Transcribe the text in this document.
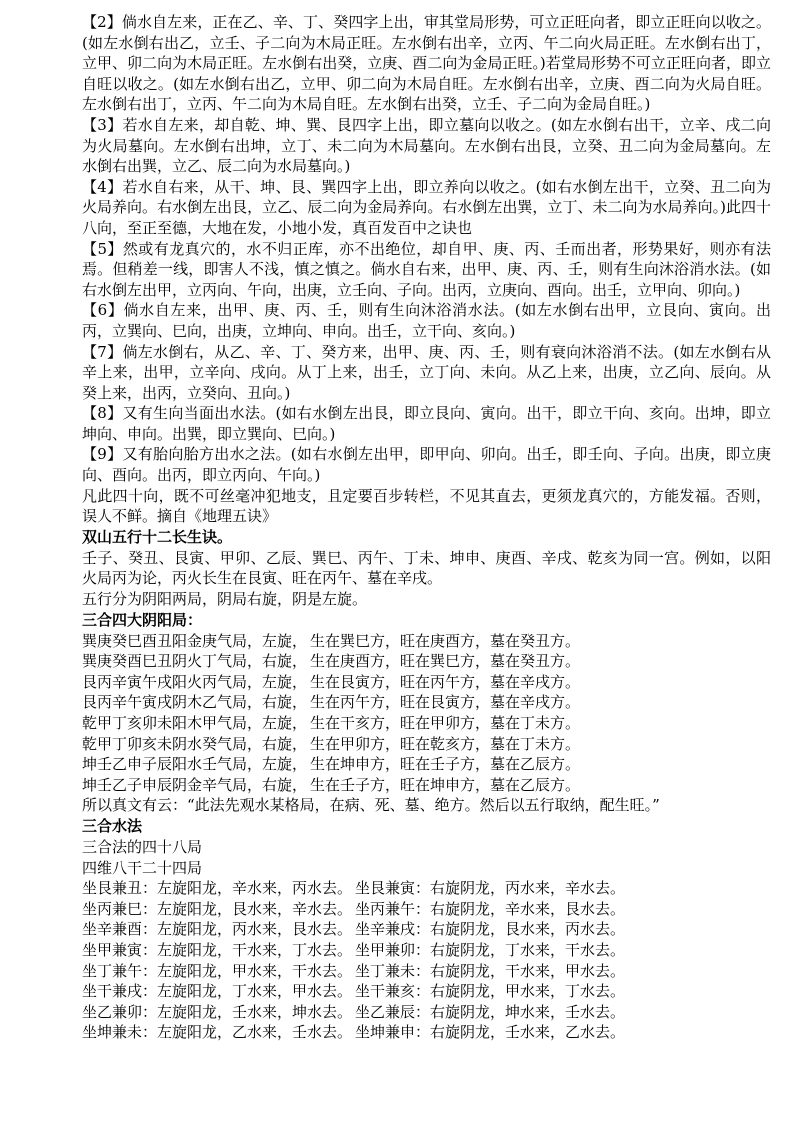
【2】倘水自左来，正在乙、辛、丁、癸四字上出，审其堂局形势，可立正旺向者，即立正旺向以收之。(如左水倒右出乙，立壬、子二向为木局正旺。左水倒右出辛，立丙、午二向火局正旺。左水倒右出丁，立甲、卯二向为木局正旺。左水倒右出癸，立庚、酉二向为金局正旺。)若堂局形势不可立正旺向者，即立自旺以收之。(如左水倒右出乙，立甲、卯二向为木局自旺。左水倒右出辛，立庚、酉二向为火局自旺。左水倒右出丁，立丙、午二向为木局自旺。左水倒右出癸，立壬、子二向为金局自旺。)

【3】若水自左来，却自乾、坤、巽、艮四字上出，即立墓向以收之。(如左水倒右出干，立辛、戌二向为火局墓向。左水倒右出坤，立丁、未二向为木局墓向。左水倒右出艮，立癸、丑二向为金局墓向。左水倒右出巽，立乙、辰二向为水局墓向。)

【4】若水自右来，从干、坤、艮、巽四字上出，即立养向以收之。(如右水倒左出干，立癸、丑二向为火局养向。右水倒左出艮，立乙、辰二向为金局养向。右水倒左出巽，立丁、未二向为水局养向。)此四十八向，至正至德，大地在发，小地小发，真百发百中之诀也

【5】然或有龙真穴的，水不归正库，亦不出绝位，却自甲、庚、丙、壬而出者，形势果好，则亦有法焉。但稍差一线，即害人不浅，慎之慎之。倘水自右来，出甲、庚、丙、壬，则有生向沐浴消水法。(如右水倒左出甲，立丙向、午向，出庚，立壬向、子向。出丙，立庚向、酉向。出壬，立甲向、卯向。)

【6】倘水自左来，出甲、庚、丙、壬，则有生向沐浴消水法。(如左水倒右出甲，立艮向、寅向。出丙，立巽向、巳向，出庚，立坤向、申向。出壬，立干向、亥向。)

【7】倘左水倒右，从乙、辛、丁、癸方来，出甲、庚、丙、壬，则有衰向沐浴消不法。(如左水倒右从辛上来，出甲，立辛向、戌向。从丁上来，出壬，立丁向、未向。从乙上来，出庚，立乙向、辰向。从癸上来，出丙，立癸向、丑向。)

【8】又有生向当面出水法。(如右水倒左出艮，即立艮向、寅向。出干，即立干向、亥向。出坤，即立坤向、申向。出巽，即立巽向、巳向。)

【9】又有胎向胎方出水之法。(如右水倒左出甲，即甲向、卯向。出壬，即壬向、子向。出庚，即立庚向、酉向。出丙，即立丙向、午向。)

凡此四十向，既不可丝毫冲犯地支，且定要百步转栏，不见其直去，更须龙真穴的，方能发福。否则，误人不鲜。摘自《地理五诀》

双山五行十二长生诀。

壬子、癸丑、艮寅、甲卯、乙辰、巽巳、丙午、丁未、坤申、庚酉、辛戌、乾亥为同一宫。例如，以阳火局丙为论，丙火长生在艮寅、旺在丙午、墓在辛戌。

五行分为阴阳两局，阴局右旋，阴是左旋。

三合四大阴阳局：

巽庚癸巳酉丑阳金庚气局，左旋， 生在巽巳方，旺在庚酉方，墓在癸丑方。

巽庚癸酉巳丑阴火丁气局，右旋， 生在庚酉方，旺在巽巳方，墓在癸丑方。

艮丙辛寅午戌阳火丙气局，左旋， 生在艮寅方，旺在丙午方，墓在辛戌方。

艮丙辛午寅戌阴木乙气局，右旋， 生在丙午方，旺在艮寅方，墓在辛戌方。

乾甲丁亥卯未阳木甲气局，左旋， 生在干亥方，旺在甲卯方，墓在丁未方。

乾甲丁卯亥未阴水癸气局，右旋， 生在甲卯方，旺在乾亥方，墓在丁未方。

坤壬乙申子辰阳水壬气局，左旋， 生在坤申方，旺在壬子方，墓在乙辰方。

坤壬乙子申辰阴金辛气局，右旋， 生在壬子方，旺在坤申方，墓在乙辰方。

所以真文有云：“此法先观水某格局，在病、死、墓、绝方。然后以五行取纳，配生旺。”

三合水法

三合法的四十八局

四维八干二十四局

坐艮兼丑：左旋阳龙，辛水来，丙水去。 坐艮兼寅：右旋阴龙，丙水来，辛水去。

坐丙兼巳：左旋阳龙，艮水来，辛水去。 坐丙兼午：右旋阴龙，辛水来，艮水去。

坐辛兼酉：左旋阳龙，丙水来，艮水去。 坐辛兼戌：右旋阴龙，艮水来，丙水去。

坐甲兼寅：左旋阳龙，干水来，丁水去。 坐甲兼卯：右旋阴龙，丁水来，干水去。

坐丁兼午：左旋阳龙，甲水来，干水去。 坐丁兼未：右旋阴龙，干水来，甲水去。

坐干兼戌：左旋阳龙，丁水来，甲水去。 坐干兼亥：右旋阴龙，甲水来，丁水去。

坐乙兼卯：左旋阳龙，壬水来，坤水去。 坐乙兼辰：右旋阴龙，坤水来，壬水去。

坐坤兼未：左旋阳龙，乙水来，壬水去。 坐坤兼申：右旋阴龙，壬水来，乙水去。
